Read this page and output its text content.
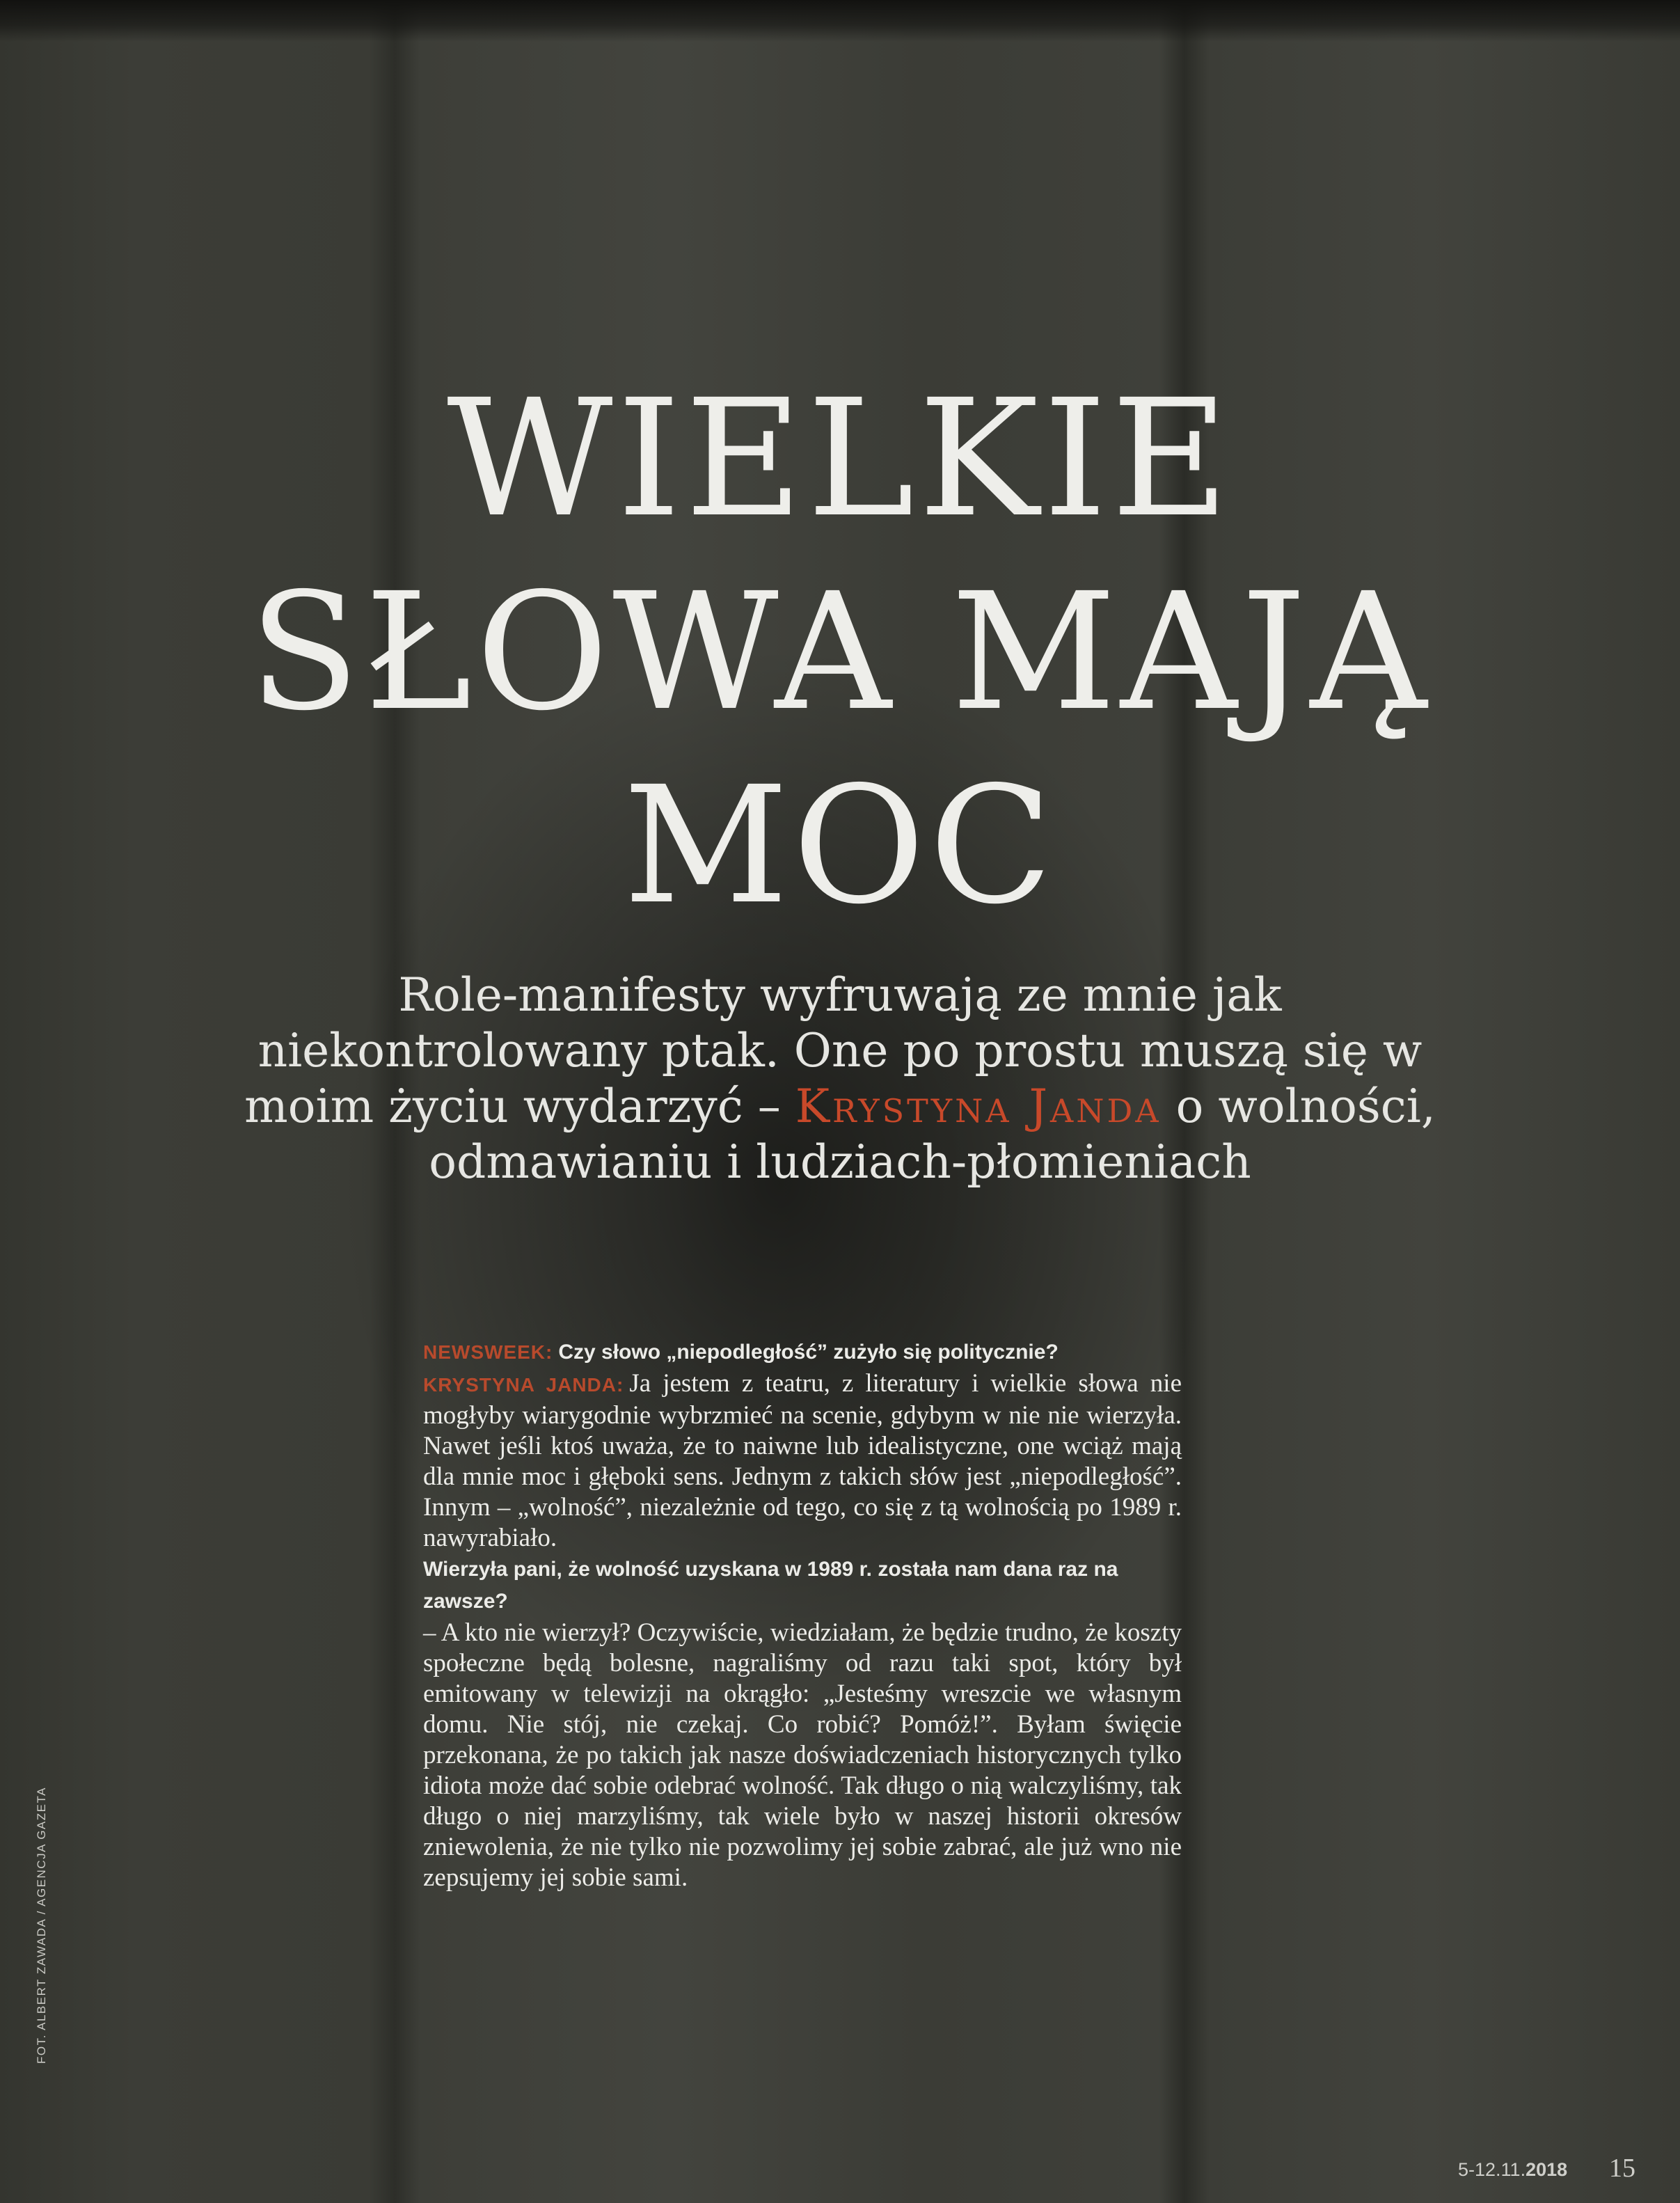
WIELKIE
SŁOWA MAJĄ
MOC

Role-manifesty wyfruwają ze mnie jak niekontrolowany ptak. One po prostu muszą się w moim życiu wydarzyć – Krystyna Janda o wolności, odmawianiu i ludziach-płomieniach

NEWSWEEK: Czy słowo „niepodległość” zużyło się politycznie?

KRYSTYNA JANDA: Ja jestem z teatru, z literatury i wielkie słowa nie mogłyby wiarygodnie wybrzmieć na scenie, gdybym w nie nie wierzyła. Nawet jeśli ktoś uważa, że to naiwne lub idealistyczne, one wciąż mają dla mnie moc i głęboki sens. Jednym z takich słów jest „niepodległość”. Innym – „wolność”, niezależnie od tego, co się z tą wolnością po 1989 r. nawyrabiało.

Wierzyła pani, że wolność uzyskana w 1989 r. została nam dana raz na zawsze?

– A kto nie wierzył? Oczywiście, wiedziałam, że będzie trudno, że koszty społeczne będą bolesne, nagraliśmy od razu taki spot, który był emitowany w telewizji na okrągło: „Jesteśmy wreszcie we własnym domu. Nie stój, nie czekaj. Co robić? Pomóż!”. Byłam święcie przekonana, że po takich jak nasze doświadczeniach historycznych tylko idiota może dać sobie odebrać wolność. Tak długo o nią walczyliśmy, tak długo o niej marzyliśmy, tak wiele było w naszej historii okresów zniewolenia, że nie tylko nie pozwolimy jej sobie zabrać, ale już wno nie zepsujemy jej sobie sami.

FOT. ALBERT ZAWADA / AGENCJA GAZETA
5-12.11.2018 15
